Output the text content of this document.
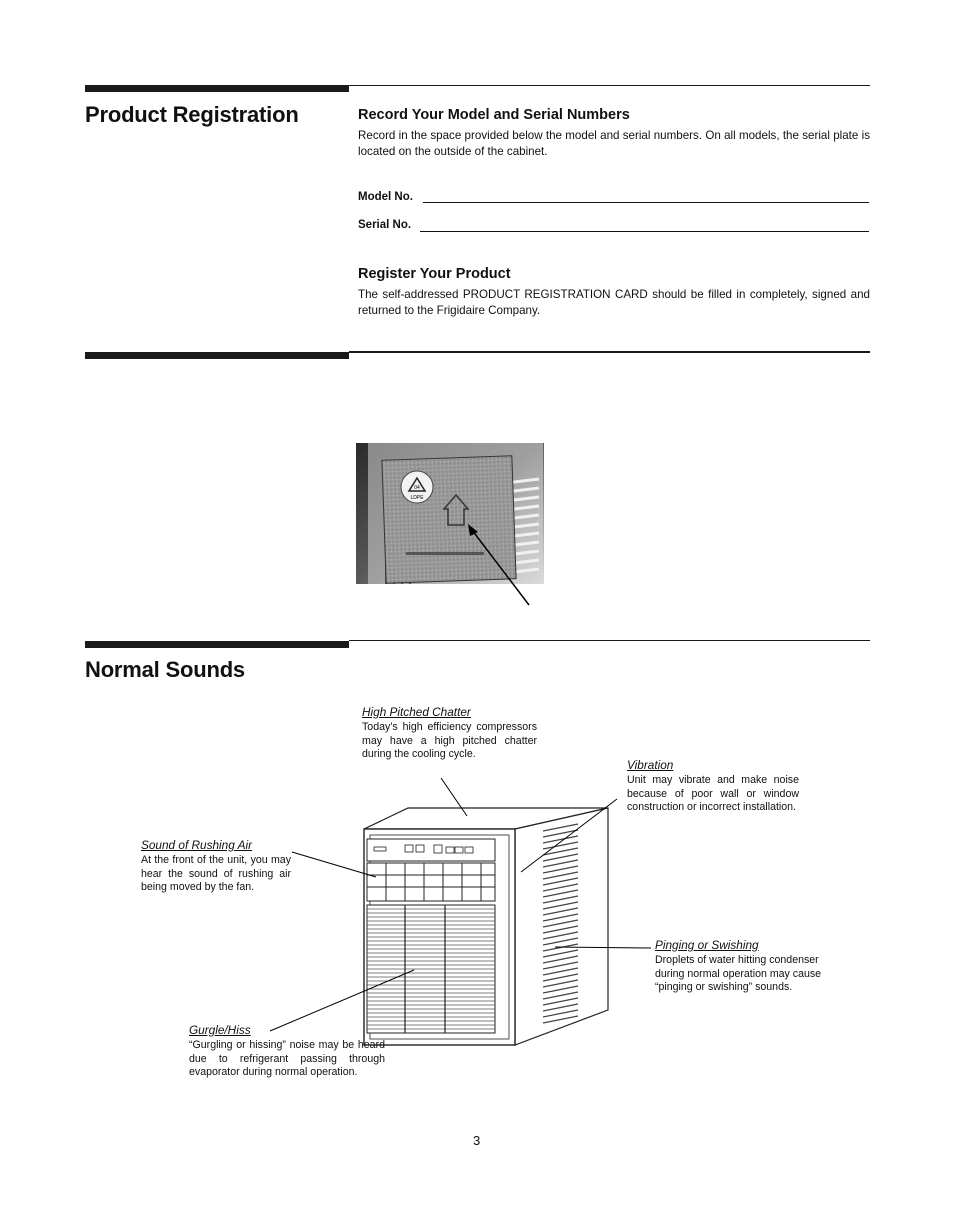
Product Registration	Record Your Model and Serial Numbers
Record in the space provided below the model and serial numbers. On all models, the serial plate is located on the outside of the cabinet.
Model No.
Serial No.
Register Your Product
The self-addressed PRODUCT REGISTRATION CARD should be filled in completely, signed and returned to the Frigidaire Company.
04
LDPE
Normal Sounds
High Pitched Chatter
Today’s high efficiency compressors may have a high pitched chatter during the cooling cycle.
Vibration
Unit may vibrate and make noise because of poor wall or window construction or incorrect installation.
Sound of Rushing Air
At the front of the unit, you may hear the sound of rushing air being moved by the fan.
Pinging or Swishing
Droplets of water hitting condenser during normal operation may cause “pinging or swishing” sounds.
Gurgle/Hiss
“Gurgling or hissing” noise may be heard due to refrigerant passing through evaporator during normal operation.
3
